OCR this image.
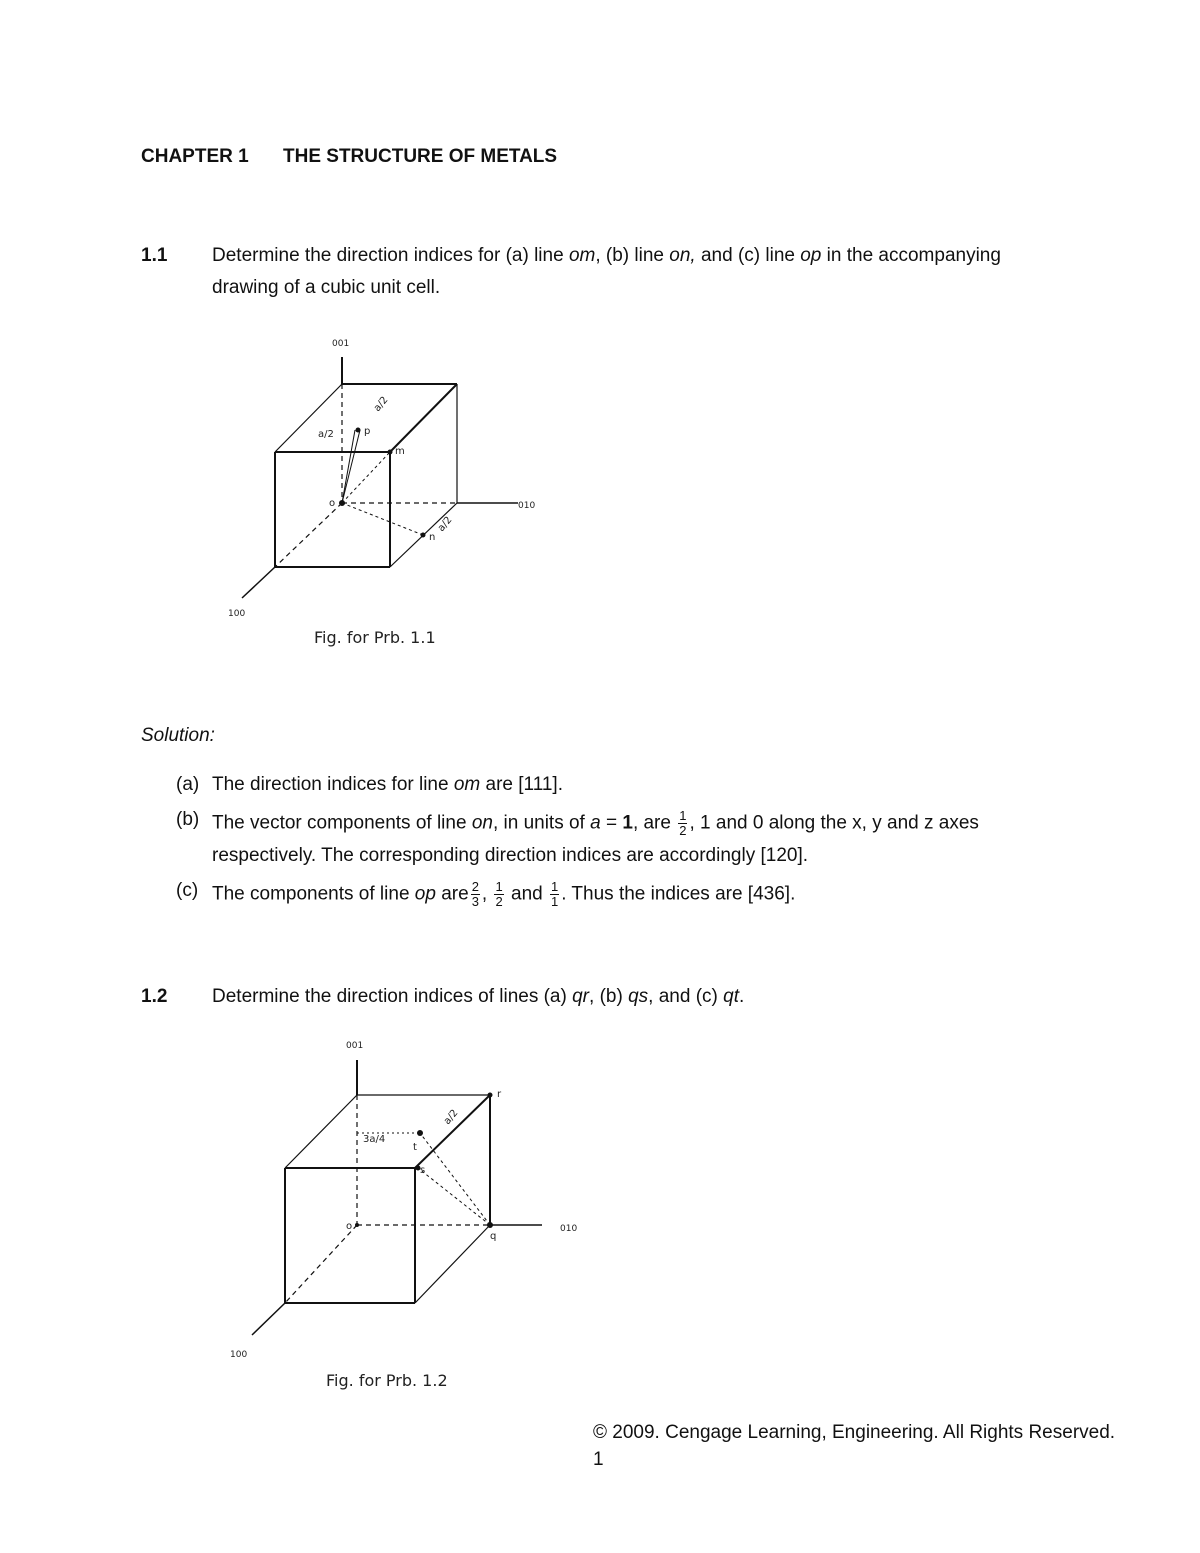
CHAPTER 1 THE STRUCTURE OF METALS
1.1 Determine the direction indices for (a) line om, (b) line on, and (c) line op in the accompanying
drawing of a cubic unit cell.
001
010
100
a/2
a/2
a/2
p
m
n
o
Fig. for Prb. 1.1
Solution:
(a) The direction indices for line om are [111].
(b) The vector components of line on, in units of a = 1, are $\frac{1}{2}$ , 1 and 0 along the x, y and z axes
respectively. The corresponding direction indices are accordingly [120].
(c) The components of line op are $\frac{2}{3}$ , $\frac{1}{2}$ and $\frac{1}{1}$ . Thus the indices are [436].
1.2 Determine the direction indices of lines (a) qr, (b) qs, and (c) qt.
001
010
100
3a/4
a/2
r
t
s
q
o
Fig. for Prb. 1.2
© 2009. Cengage Learning, Engineering. All Rights Reserved.
1
